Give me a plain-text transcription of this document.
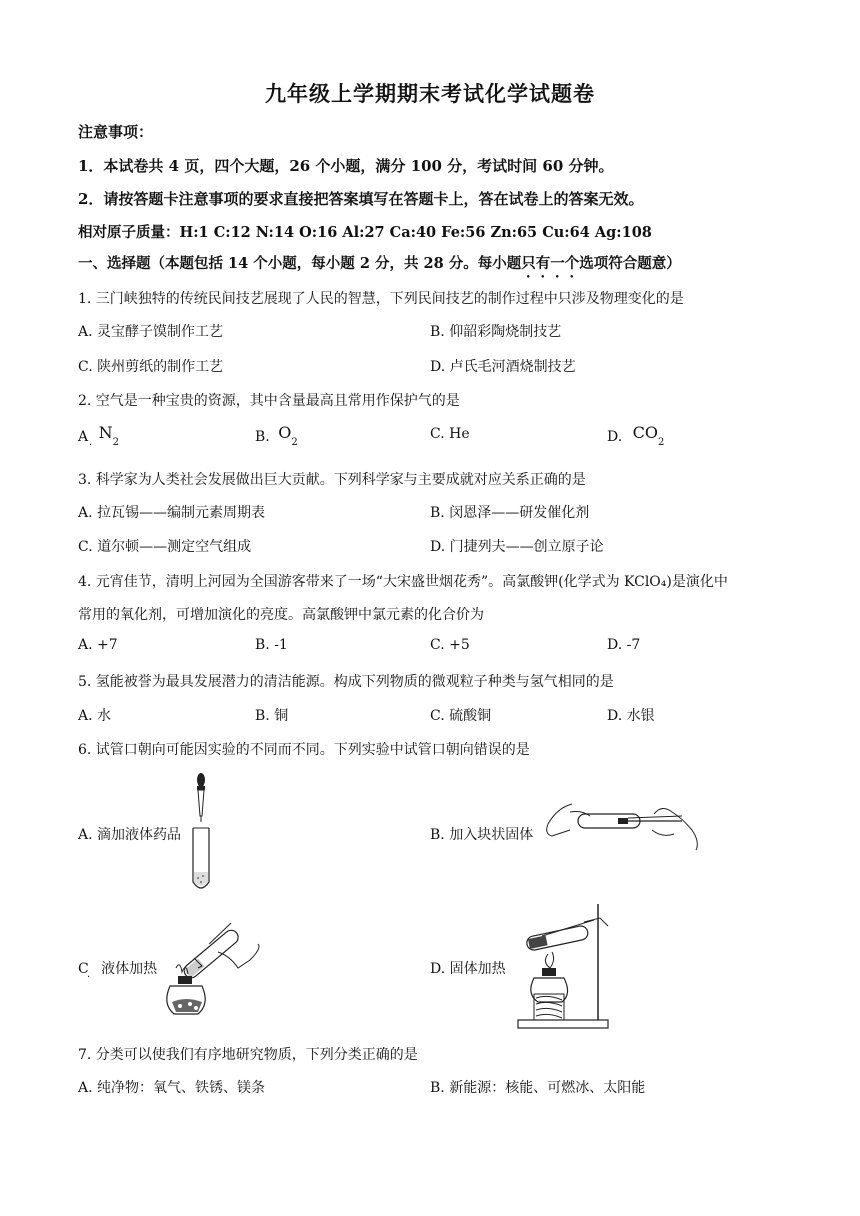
九年级上学期期末考试化学试题卷
注意事项：
1．本试卷共 4 页，四个大题，26 个小题，满分 100 分，考试时间 60 分钟。
2．请按答题卡注意事项的要求直接把答案填写在答题卡上，答在试卷上的答案无效。
相对原子质量：H:1 C:12 N:14 O:16 Al:27 Ca:40 Fe:56 Zn:65 Cu:64 Ag:108
一、选择题（本题包括 14 个小题，每小题 2 分，共 28 分。每小题只有一个选项符合题意）
1. 三门峡独特的传统民间技艺展现了人民的智慧，下列民间技艺的制作过程中只涉及物理变化的是
A. 灵宝酵子馍制作工艺	B. 仰韶彩陶烧制技艺
C. 陕州剪纸的制作工艺	D. 卢氏毛河酒烧制技艺
2. 空气是一种宝贵的资源，其中含量最高且常用作保护气的是
A $N_2$
·
B. $O_2$
C. He	D. $CO_2$
3. 科学家为人类社会发展做出巨大贡献。下列科学家与主要成就对应关系正确的是
A. 拉瓦锡——编制元素周期表	B. 闵恩泽——研发催化剂
C. 道尔顿——测定空气组成	D. 门捷列夫——创立原子论
4. 元宵佳节，清明上河园为全国游客带来了一场“大宋盛世烟花秀”。高氯酸钾(化学式为 KClO₄)是演化中
常用的氧化剂，可增加演化的亮度。高氯酸钾中氯元素的化合价为
A. +7	B. -1	C. +5	D. -7
5. 氢能被誉为最具发展潜力的清洁能源。构成下列物质的微观粒子种类与氢气相同的是
A. 水	B. 铜	C. 硫酸铜	D. 水银
6. 试管口朝向可能因实验的不同而不同。下列实验中试管口朝向错误的是
A. 滴加液体药品	B. 加入块状固体
C 液体加热
·
D. 固体加热
7. 分类可以使我们有序地研究物质，下列分类正确的是
A. 纯净物：氧气、铁锈、镁条	B. 新能源：核能、可燃冰、太阳能
